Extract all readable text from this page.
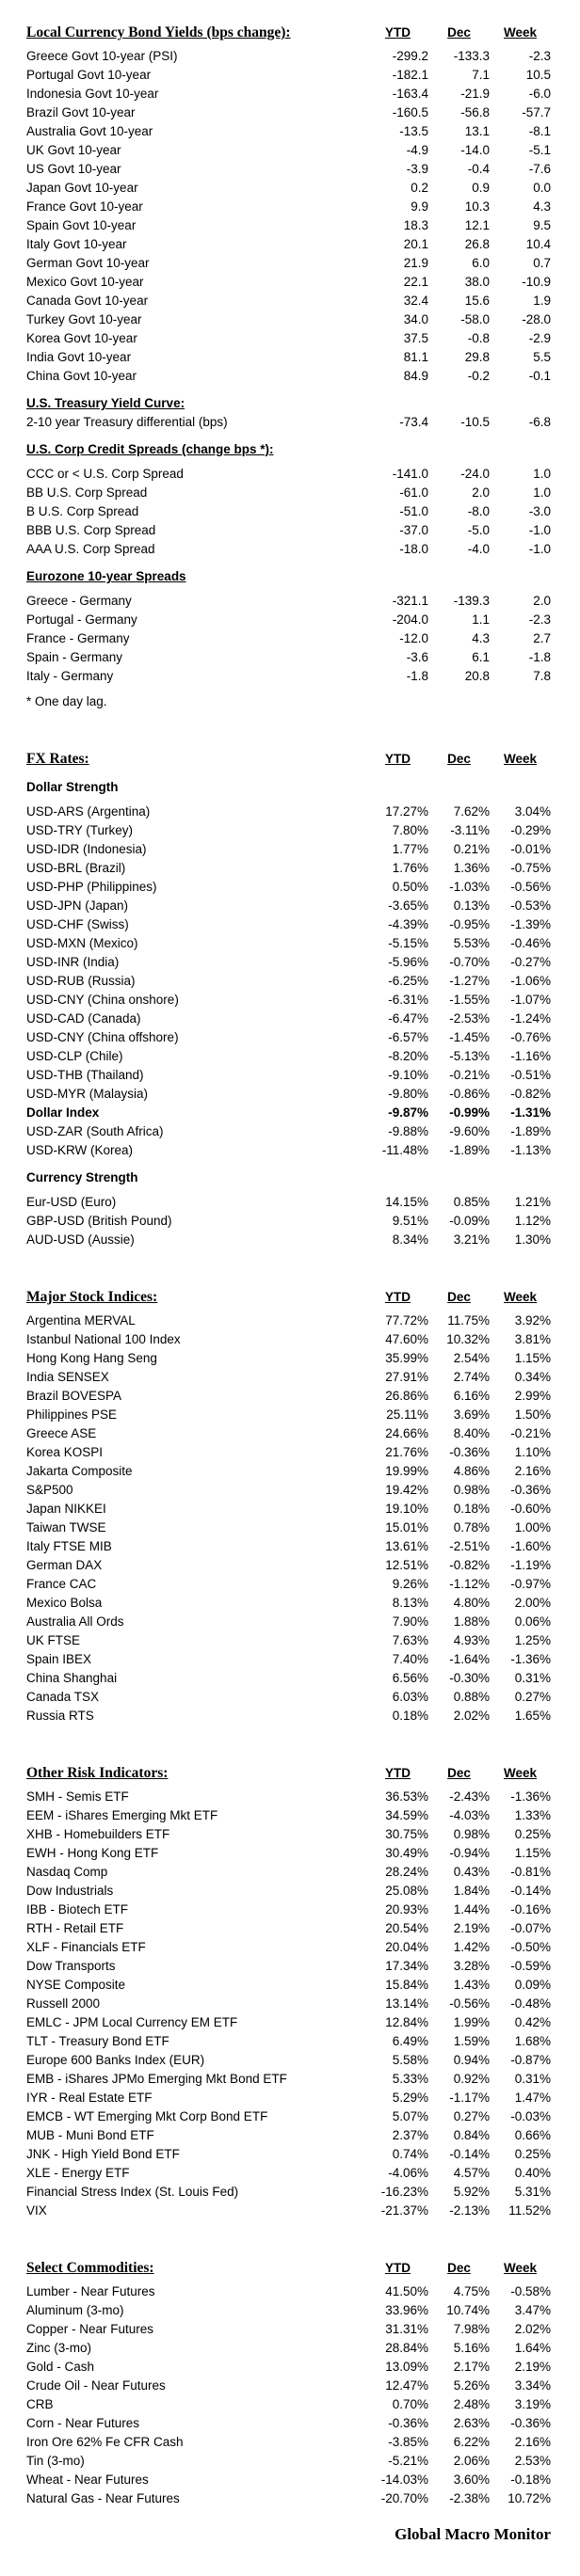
Local Currency Bond Yields (bps change):	YTD	Dec	Week
Greece Govt 10-year (PSI)	-299.2	-133.3	-2.3
Portugal Govt 10-year	-182.1	7.1	10.5
Indonesia Govt 10-year	-163.4	-21.9	-6.0
Brazil Govt 10-year	-160.5	-56.8	-57.7
Australia Govt 10-year	-13.5	13.1	-8.1
UK Govt 10-year	-4.9	-14.0	-5.1
US Govt 10-year	-3.9	-0.4	-7.6
Japan Govt 10-year	0.2	0.9	0.0
France Govt 10-year	9.9	10.3	4.3
Spain Govt 10-year	18.3	12.1	9.5
Italy Govt 10-year	20.1	26.8	10.4
German Govt 10-year	21.9	6.0	0.7
Mexico Govt 10-year	22.1	38.0	-10.9
Canada Govt 10-year	32.4	15.6	1.9
Turkey Govt 10-year	34.0	-58.0	-28.0
Korea Govt 10-year	37.5	-0.8	-2.9
India Govt 10-year	81.1	29.8	5.5
China Govt 10-year	84.9	-0.2	-0.1
U.S. Treasury Yield Curve:
2-10 year Treasury differential (bps)	-73.4	-10.5	-6.8
U.S. Corp Credit Spreads (change bps *):
CCC or < U.S. Corp Spread	-141.0	-24.0	1.0
BB U.S. Corp Spread	-61.0	2.0	1.0
B U.S. Corp Spread	-51.0	-8.0	-3.0
BBB U.S. Corp Spread	-37.0	-5.0	-1.0
AAA U.S. Corp Spread	-18.0	-4.0	-1.0
Eurozone 10-year Spreads
Greece - Germany	-321.1	-139.3	2.0
Portugal - Germany	-204.0	1.1	-2.3
France - Germany	-12.0	4.3	2.7
Spain - Germany	-3.6	6.1	-1.8
Italy - Germany	-1.8	20.8	7.8
* One day lag.
FX Rates:	YTD	Dec	Week
Dollar Strength
USD-ARS (Argentina)	17.27%	7.62%	3.04%
USD-TRY (Turkey)	7.80%	-3.11%	-0.29%
USD-IDR (Indonesia)	1.77%	0.21%	-0.01%
USD-BRL (Brazil)	1.76%	1.36%	-0.75%
USD-PHP (Philippines)	0.50%	-1.03%	-0.56%
USD-JPN (Japan)	-3.65%	0.13%	-0.53%
USD-CHF (Swiss)	-4.39%	-0.95%	-1.39%
USD-MXN (Mexico)	-5.15%	5.53%	-0.46%
USD-INR (India)	-5.96%	-0.70%	-0.27%
USD-RUB (Russia)	-6.25%	-1.27%	-1.06%
USD-CNY (China onshore)	-6.31%	-1.55%	-1.07%
USD-CAD (Canada)	-6.47%	-2.53%	-1.24%
USD-CNY (China offshore)	-6.57%	-1.45%	-0.76%
USD-CLP (Chile)	-8.20%	-5.13%	-1.16%
USD-THB (Thailand)	-9.10%	-0.21%	-0.51%
USD-MYR (Malaysia)	-9.80%	-0.86%	-0.82%
Dollar Index	-9.87%	-0.99%	-1.31%
USD-ZAR (South Africa)	-9.88%	-9.60%	-1.89%
USD-KRW (Korea)	-11.48%	-1.89%	-1.13%
Currency Strength
Eur-USD (Euro)	14.15%	0.85%	1.21%
GBP-USD (British Pound)	9.51%	-0.09%	1.12%
AUD-USD (Aussie)	8.34%	3.21%	1.30%
Major Stock Indices:	YTD	Dec	Week
Argentina MERVAL	77.72%	11.75%	3.92%
Istanbul National 100 Index	47.60%	10.32%	3.81%
Hong Kong Hang Seng	35.99%	2.54%	1.15%
India SENSEX	27.91%	2.74%	0.34%
Brazil BOVESPA	26.86%	6.16%	2.99%
Philippines PSE	25.11%	3.69%	1.50%
Greece ASE	24.66%	8.40%	-0.21%
Korea KOSPI	21.76%	-0.36%	1.10%
Jakarta Composite	19.99%	4.86%	2.16%
S&P500	19.42%	0.98%	-0.36%
Japan NIKKEI	19.10%	0.18%	-0.60%
Taiwan TWSE	15.01%	0.78%	1.00%
Italy FTSE MIB	13.61%	-2.51%	-1.60%
German DAX	12.51%	-0.82%	-1.19%
France CAC	9.26%	-1.12%	-0.97%
Mexico Bolsa	8.13%	4.80%	2.00%
Australia All Ords	7.90%	1.88%	0.06%
UK FTSE	7.63%	4.93%	1.25%
Spain IBEX	7.40%	-1.64%	-1.36%
China Shanghai	6.56%	-0.30%	0.31%
Canada TSX	6.03%	0.88%	0.27%
Russia RTS	0.18%	2.02%	1.65%
Other Risk Indicators:	YTD	Dec	Week
SMH - Semis ETF	36.53%	-2.43%	-1.36%
EEM - iShares Emerging Mkt ETF	34.59%	-4.03%	1.33%
XHB - Homebuilders ETF	30.75%	0.98%	0.25%
EWH - Hong Kong ETF	30.49%	-0.94%	1.15%
Nasdaq Comp	28.24%	0.43%	-0.81%
Dow Industrials	25.08%	1.84%	-0.14%
IBB - Biotech ETF	20.93%	1.44%	-0.16%
RTH - Retail ETF	20.54%	2.19%	-0.07%
XLF - Financials ETF	20.04%	1.42%	-0.50%
Dow Transports	17.34%	3.28%	-0.59%
NYSE Composite	15.84%	1.43%	0.09%
Russell 2000	13.14%	-0.56%	-0.48%
EMLC - JPM Local Currency EM ETF	12.84%	1.99%	0.42%
TLT - Treasury Bond ETF	6.49%	1.59%	1.68%
Europe 600 Banks Index (EUR)	5.58%	0.94%	-0.87%
EMB - iShares JPMo Emerging Mkt Bond ETF	5.33%	0.92%	0.31%
IYR - Real Estate ETF	5.29%	-1.17%	1.47%
EMCB - WT Emerging Mkt Corp Bond ETF	5.07%	0.27%	-0.03%
MUB - Muni Bond ETF	2.37%	0.84%	0.66%
JNK - High Yield Bond ETF	0.74%	-0.14%	0.25%
XLE - Energy ETF	-4.06%	4.57%	0.40%
Financial Stress Index (St. Louis Fed)	-16.23%	5.92%	5.31%
VIX	-21.37%	-2.13%	11.52%
Select Commodities:	YTD	Dec	Week
Lumber - Near Futures	41.50%	4.75%	-0.58%
Aluminum (3-mo)	33.96%	10.74%	3.47%
Copper - Near Futures	31.31%	7.98%	2.02%
Zinc (3-mo)	28.84%	5.16%	1.64%
Gold - Cash	13.09%	2.17%	2.19%
Crude Oil - Near Futures	12.47%	5.26%	3.34%
CRB	0.70%	2.48%	3.19%
Corn - Near Futures	-0.36%	2.63%	-0.36%
Iron Ore 62% Fe CFR Cash	-3.85%	6.22%	2.16%
Tin (3-mo)	-5.21%	2.06%	2.53%
Wheat - Near Futures	-14.03%	3.60%	-0.18%
Natural Gas - Near Futures	-20.70%	-2.38%	10.72%
Global Macro Monitor
